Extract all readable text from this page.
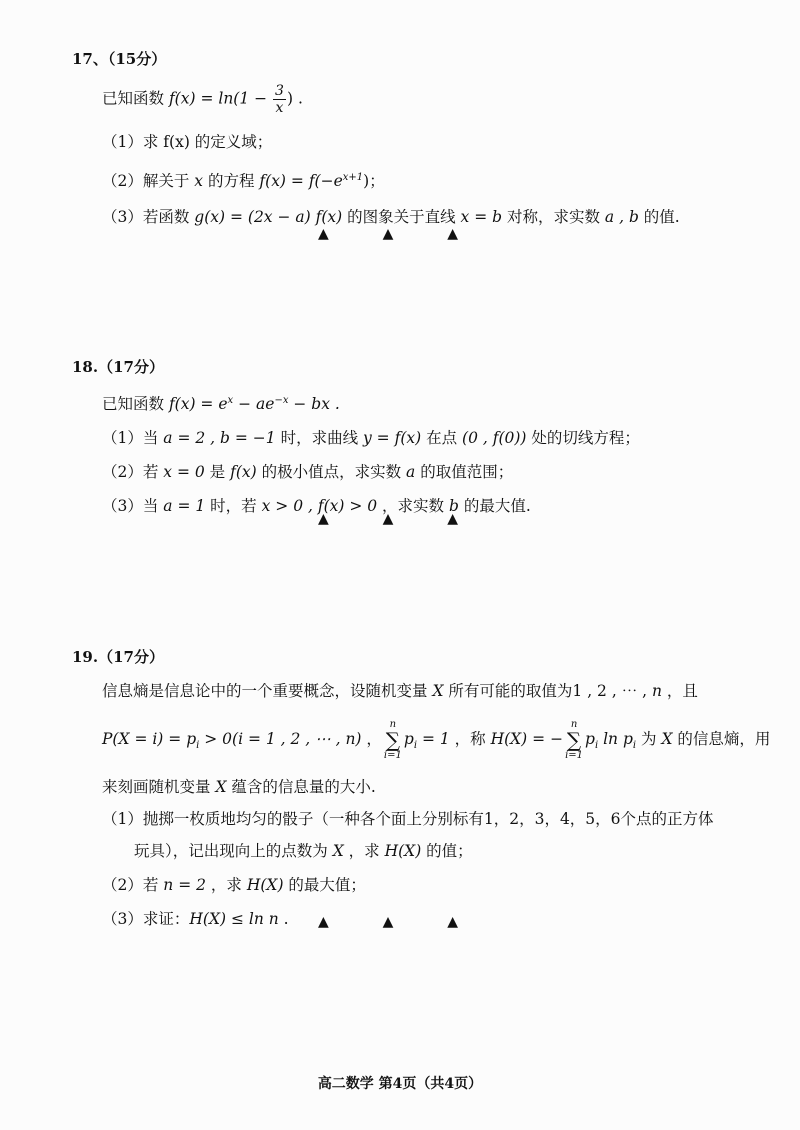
17、（15分）
已知函数 $f(x) = \ln(1 - \frac{3}{x}$ ) .
（1）求 f(x) 的定义域；
（2）解关于 x 的方程 $f(x) = f(-e^{x+1})$；
（3）若函数 g(x) = (2x − a) f(x) 的图象关于直线 x = b 对称，求实数 a , b 的值.
▲	▲	▲
18.（17分）
已知函数 $f(x) = e^x - ae^{-x}$ − bx .
（1）当 a = 2 , b = −1 时，求曲线 y = f(x) 在点 (0 , f(0)) 处的切线方程；
（2）若 x = 0 是 f(x) 的极小值点，求实数 a 的取值范围；
（3）当 a = 1 时，若 x > 0 , f(x) > 0 ，求实数 b 的最大值.
▲	▲	▲
19.（17分）
信息熵是信息论中的一个重要概念，设随机变量 X 所有可能的取值为1 , 2 , ⋯ , n ，且
$P(X = i) = p_i > 0(i = 1$ , 2 , ⋯ , n) ，n
∑
$i=1p_i = 1$ ，称 H(X) = −n
∑
$i=1p_i$ $\ln p_i$ 为 X 的信息熵，用
来刻画随机变量 X 蕴含的信息量的大小.
（1）抛掷一枚质地均匀的骰子（一种各个面上分别标有1，2，3，4，5，6个点的正方体
玩具），记出现向上的点数为 X ，求 H(X) 的值；
（2）若 n = 2 ，求 H(X) 的最大值；
（3）求证：H(X) ≤ ln n .	▲	▲	▲
高二数学 第4页（共4页）
